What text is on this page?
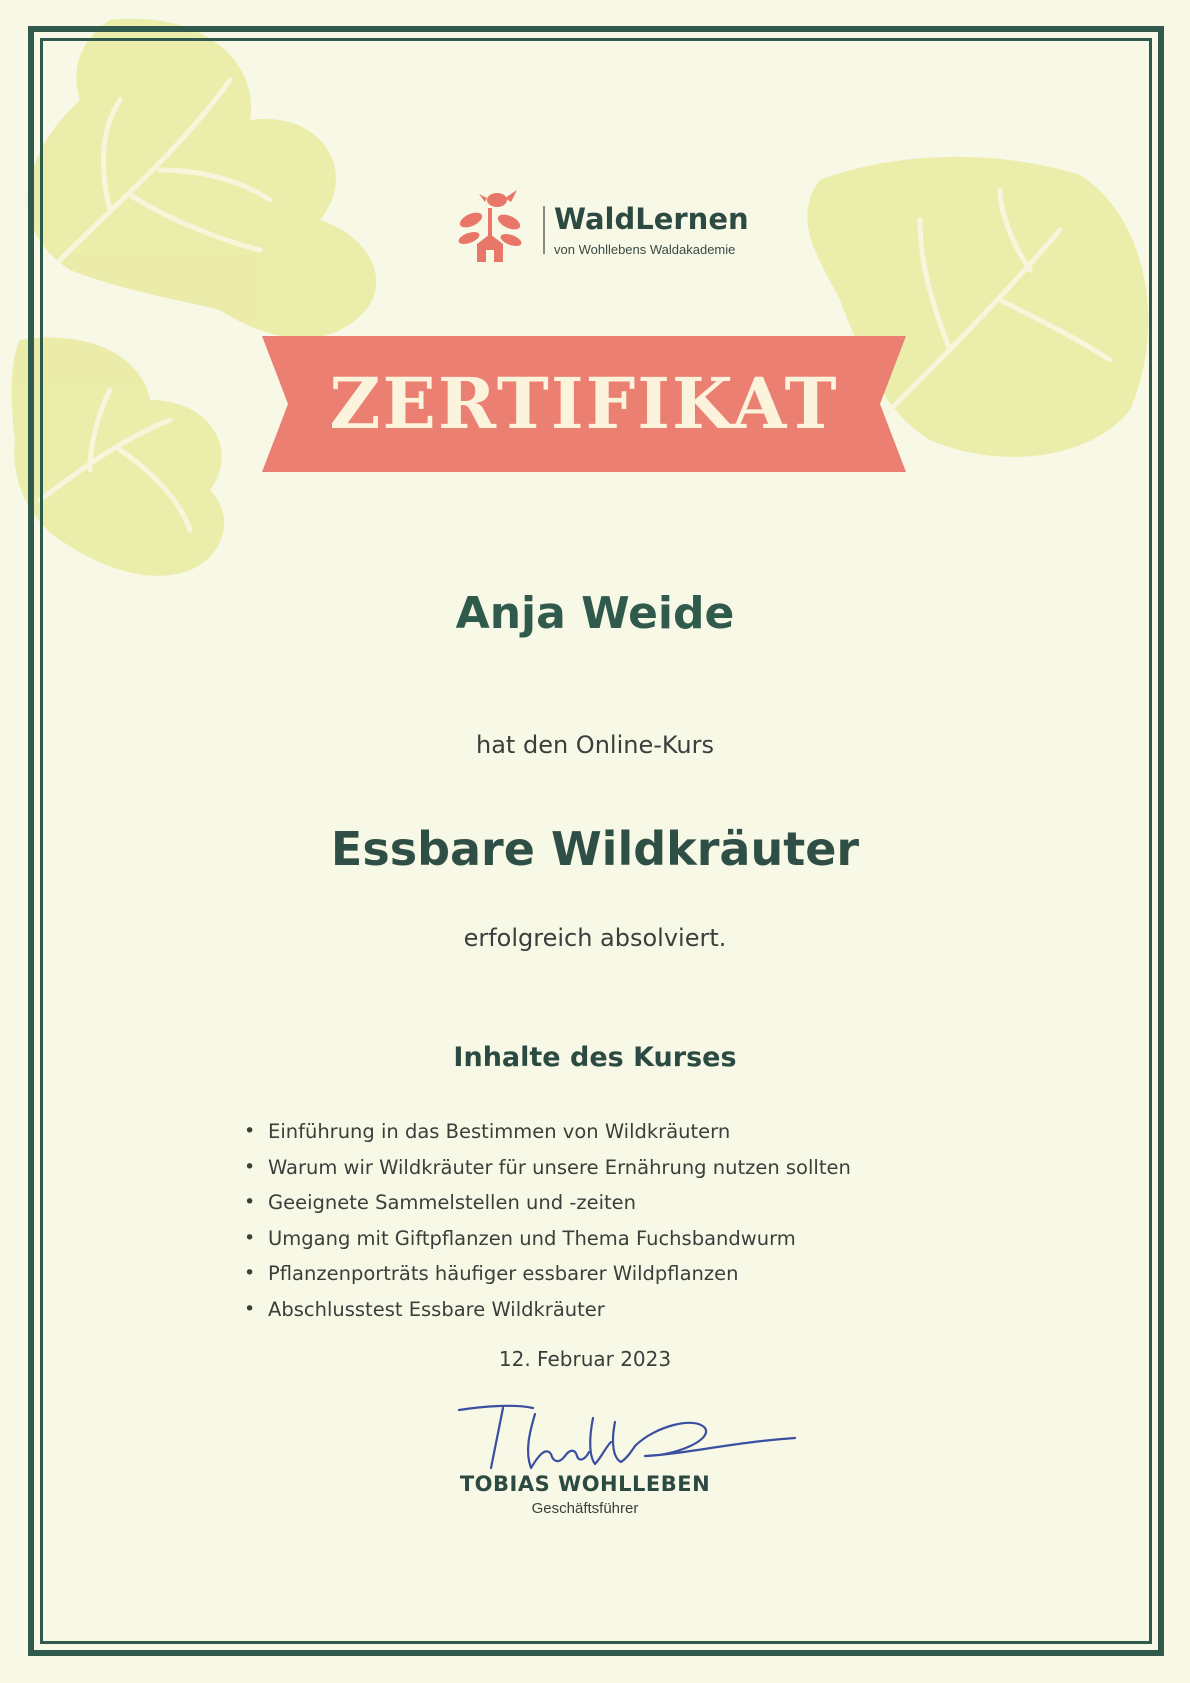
WaldLernen
von Wohllebens Waldakademie
ZERTIFIKAT
Anja Weide
hat den Online-Kurs
Essbare Wildkräuter
erfolgreich absolviert.
Inhalte des Kurses
• Einführung in das Bestimmen von Wildkräutern
• Warum wir Wildkräuter für unsere Ernährung nutzen sollten
• Geeignete Sammelstellen und -zeiten
• Umgang mit Giftpflanzen und Thema Fuchsbandwurm
• Pflanzenporträts häufiger essbarer Wildpflanzen
• Abschlusstest Essbare Wildkräuter
12. Februar 2023
TOBIAS WOHLLEBEN
Geschäftsführer
